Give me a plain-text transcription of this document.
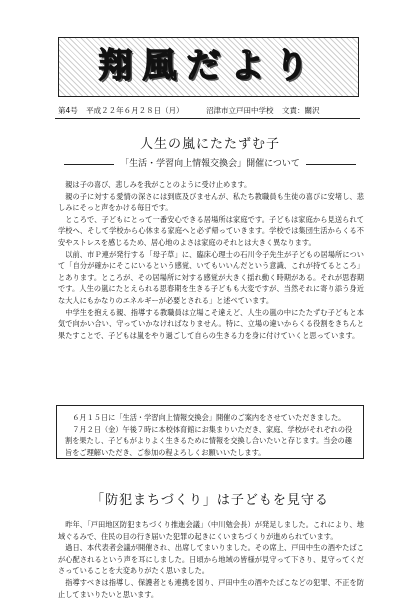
翔風だより
第4号 平成２２年６月２８日（月）	沼津市立戸田中学校 文責：關沢
人生の嵐にたたずむ子
「生活・学習向上情報交換会」開催について

親は子の喜び、悲しみを我がことのように受け止めます。

親の子に対する愛情の深さには到底及びませんが、私たち教職員も生徒の喜びに安堵し、悲しみにそっと声をかける毎日です。

ところで、子どもにとって一番安心できる居場所は家庭です。子どもは家庭から見送られて学校へ、そして学校から心休まる家庭へと必ず帰っていきます。学校では集団生活からくる不安やストレスを感じるため、居心地のよさは家庭のそれとは大きく異なります。

以前、市Ｐ連が発行する「母子草」に、臨床心理士の石川令子先生が子どもの居場所について「自分が確かにそこにいるという感覚、いてもいいんだという意識、これが持てるところ」とあります。ところが、その居場所に対する感覚が大きく揺れ動く時期がある。それが思春期です。人生の嵐にたとえられる思春期を生きる子どもも大変ですが、当然それに寄り添う身近な大人にもかなりのエネルギーが必要とされる」と述べています。

中学生を抱える親、指導する教職員は立場こそ違えど、人生の嵐の中にたたずむ子どもと本気で向かい合い、守っていかなければなりません。特に、立場の違いからくる役割をきちんと果たすことで、子どもは嵐をやり過ごして自らの生きる力を身に付けていくと思っています。

６月１５日に「生活・学習向上情報交換会」開催のご案内をさせていただきました。

７月２日（金）午後７時に本校体育館にお集まりいただき、家庭、学校がそれぞれの役割を果たし、子どもがよりよく生きるために情報を交換し合いたいと存じます。当会の趣旨をご理解いただき、ご参加の程よろしくお願いいたします。

「防犯まちづくり」は子どもを見守る

昨年、「戸田地区防犯まちづくり推進会議」（中川勉会長）が発足しました。これにより、地域ぐるみで、住民の目の行き届いた犯罪の起きにくいまちづくりが進められています。

過日、本代表者会議が開催され、出席してまいりました。その席上、戸田中生の酒やたばこが心配されるという声を耳にしました。日頃から地域の皆様が見守って下さり、見守ってくださっていることを大変ありがたく思いました。

指導すべきは指導し、保護者とも連携を図り、戸田中生の酒やたばこなどの犯罪、不正を防止してまいりたいと思います。
